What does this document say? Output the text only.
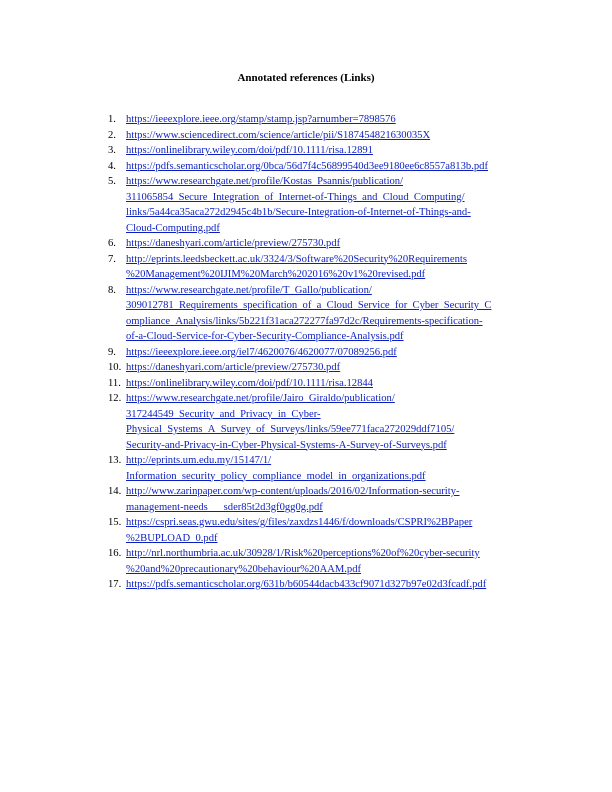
Annotated references (Links)
1. https://ieeexplore.ieee.org/stamp/stamp.jsp?arnumber=7898576
2. https://www.sciencedirect.com/science/article/pii/S187454821630035X
3. https://onlinelibrary.wiley.com/doi/pdf/10.1111/risa.12891
4. https://pdfs.semanticscholar.org/0bca/56d7f4c56899540d3ee9180ee6c8557a813b.pdf
5. https://www.researchgate.net/profile/Kostas_Psannis/publication/
311065854_Secure_Integration_of_Internet-of-Things_and_Cloud_Computing/
links/5a44ca35aca272d2945c4b1b/Secure-Integration-of-Internet-of-Things-and-
Cloud-Computing.pdf
6. https://daneshyari.com/article/preview/275730.pdf
7. http://eprints.leedsbeckett.ac.uk/3324/3/Software%20Security%20Requirements
%20Management%20IJIM%20March%202016%20v1%20revised.pdf
8. https://www.researchgate.net/profile/T_Gallo/publication/
309012781_Requirements_specification_of_a_Cloud_Service_for_Cyber_Security_C
ompliance_Analysis/links/5b221f31aca272277fa97d2c/Requirements-specification-
of-a-Cloud-Service-for-Cyber-Security-Compliance-Analysis.pdf
9. https://ieeexplore.ieee.org/iel7/4620076/4620077/07089256.pdf
10. https://daneshyari.com/article/preview/275730.pdf
11. https://onlinelibrary.wiley.com/doi/pdf/10.1111/risa.12844
12. https://www.researchgate.net/profile/Jairo_Giraldo/publication/
317244549_Security_and_Privacy_in_Cyber-
Physical_Systems_A_Survey_of_Surveys/links/59ee771faca272029ddf7105/
Security-and-Privacy-in-Cyber-Physical-Systems-A-Survey-of-Surveys.pdf
13. http://eprints.um.edu.my/15147/1/
Information_security_policy_compliance_model_in_organizations.pdf
14. http://www.zarinpaper.com/wp-content/uploads/2016/02/Information-security-
management-needs___sder85t2d3gf0gg0g.pdf
15. https://cspri.seas.gwu.edu/sites/g/files/zaxdzs1446/f/downloads/CSPRI%2BPaper
%2BUPLOAD_0.pdf
16. http://nrl.northumbria.ac.uk/30928/1/Risk%20perceptions%20of%20cyber-security
%20and%20precautionary%20behaviour%20AAM.pdf
17. https://pdfs.semanticscholar.org/631b/b60544dacb433cf9071d327b97e02d3fcadf.pdf
